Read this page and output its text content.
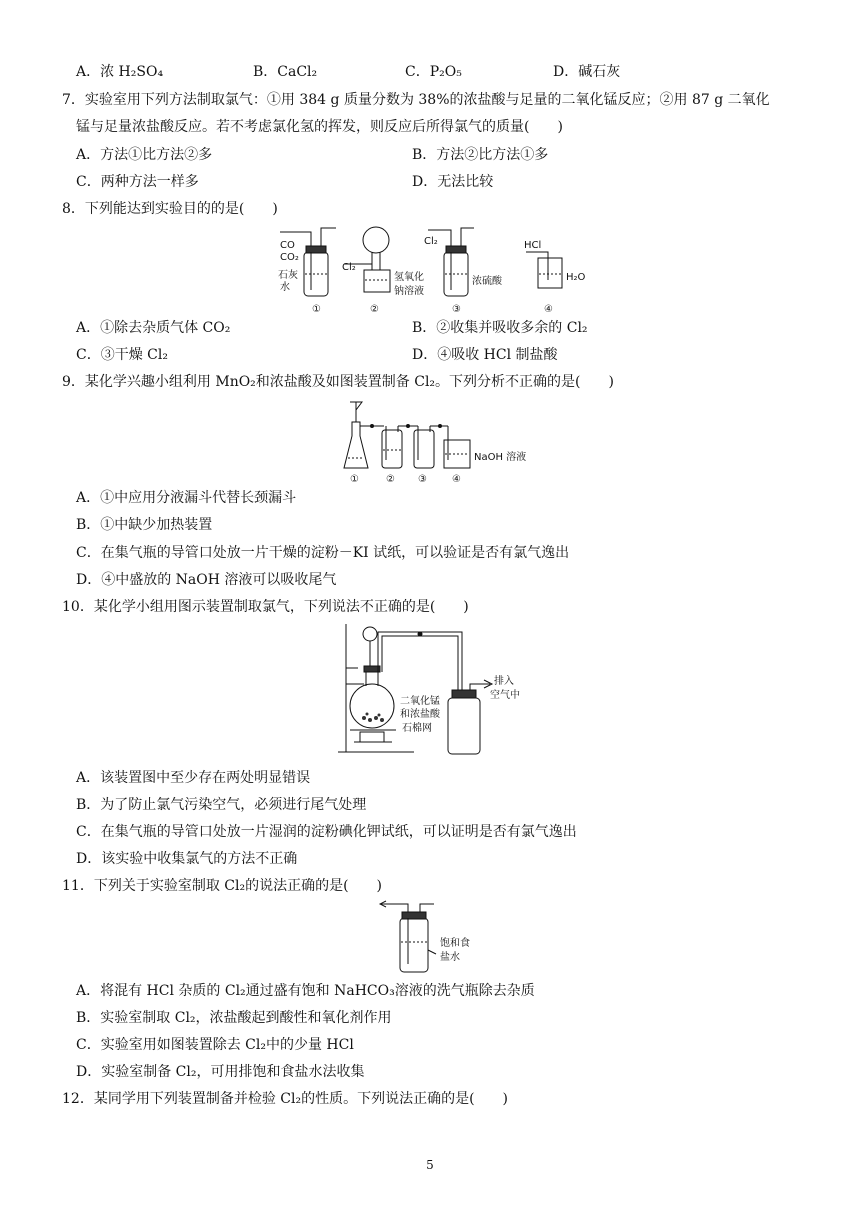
A．浓 H₂SO₄	B．CaCl₂	C．P₂O₅	D．碱石灰
7．实验室用下列方法制取氯气：①用 384 g 质量分数为 38%的浓盐酸与足量的二氧化锰反应；②用 87 g 二氧化
锰与足量浓盐酸反应。若不考虑氯化氢的挥发，则反应后所得氯气的质量(　　)
A．方法①比方法②多	B．方法②比方法①多
C．两种方法一样多	D．无法比较
8．下列能达到实验目的的是(　　)
CO
CO₂
石灰
水
Cl₂
氢氧化
钠溶液
Cl₂
浓硫酸
HCl
H₂O
①	②	③	④
A．①除去杂质气体 CO₂	B．②收集并吸收多余的 Cl₂
C．③干燥 Cl₂	D．④吸收 HCl 制盐酸
9．某化学兴趣小组利用 MnO₂和浓盐酸及如图装置制备 Cl₂。下列分析不正确的是(　　)
NaOH 溶液
①	② ③	④
A．①中应用分液漏斗代替长颈漏斗
B．①中缺少加热装置
C．在集气瓶的导管口处放一片干燥的淀粉－KI 试纸，可以验证是否有氯气逸出
D．④中盛放的 NaOH 溶液可以吸收尾气
10．某化学小组用图示装置制取氯气，下列说法不正确的是(　　)
二氧化锰
和浓盐酸
石棉网
排入
空气中
A．该装置图中至少存在两处明显错误
B．为了防止氯气污染空气，必须进行尾气处理
C．在集气瓶的导管口处放一片湿润的淀粉碘化钾试纸，可以证明是否有氯气逸出
D．该实验中收集氯气的方法不正确
11．下列关于实验室制取 Cl₂的说法正确的是(　　)
饱和食
盐水
A．将混有 HCl 杂质的 Cl₂通过盛有饱和 NaHCO₃溶液的洗气瓶除去杂质
B．实验室制取 Cl₂，浓盐酸起到酸性和氧化剂作用
C．实验室用如图装置除去 Cl₂中的少量 HCl
D．实验室制备 Cl₂，可用排饱和食盐水法收集
12．某同学用下列装置制备并检验 Cl₂的性质。下列说法正确的是(　　)
5
